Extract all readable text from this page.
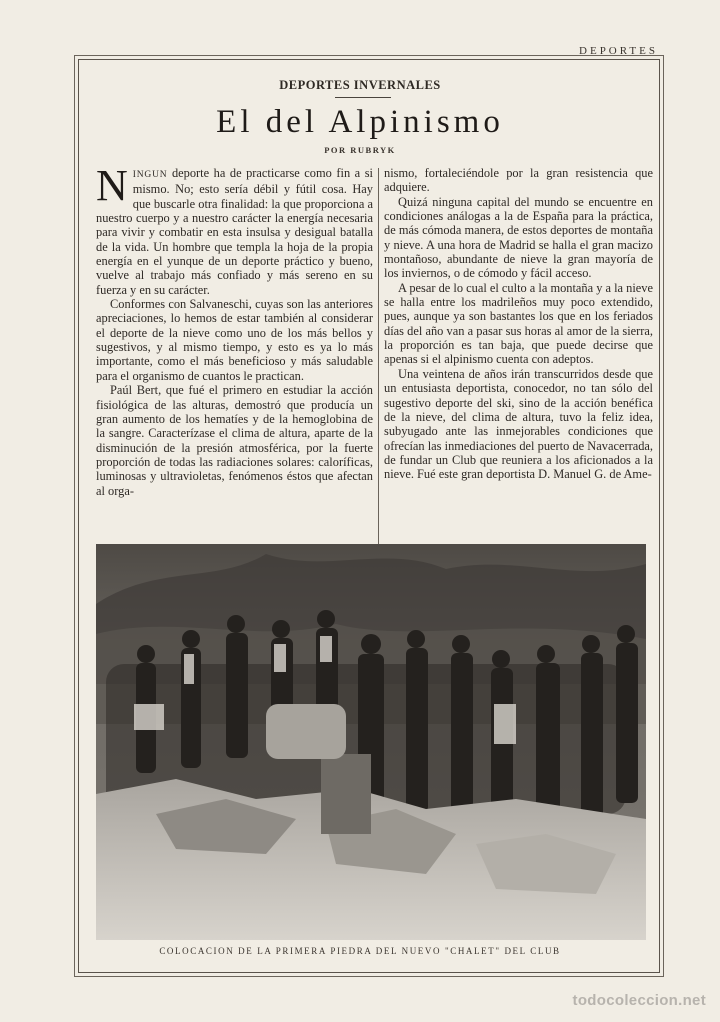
DEPORTES
DEPORTES INVERNALES
El del Alpinismo
POR RUBRYK

NINGUN deporte ha de practicarse como fin a si mismo. No; esto sería débil y fútil cosa. Hay que buscarle otra finalidad: la que proporciona a nuestro cuerpo y a nuestro carácter la energía necesaria para vivir y combatir en esta insulsa y desigual batalla de la vida. Un hombre que templa la hoja de la propia energía en el yunque de un deporte práctico y bueno, vuelve al trabajo más confiado y más sereno en su fuerza y en su carácter.

Conformes con Salvaneschi, cuyas son las anteriores apreciaciones, lo hemos de estar también al considerar el deporte de la nieve como uno de los más bellos y sugestivos, y al mismo tiempo, y esto es ya lo más importante, como el más beneficioso y más saludable para el organismo de cuantos le practican.

Paúl Bert, que fué el primero en estudiar la acción fisiológica de las alturas, demostró que producía un gran aumento de los hematíes y de la hemoglobina de la sangre. Caracterízase el clima de altura, aparte de la disminución de la presión atmosférica, por la fuerte proporción de todas las radiaciones solares: caloríficas, luminosas y ultravioletas, fenómenos éstos que afectan al orga-

nismo, fortaleciéndole por la gran resistencia que adquiere.

Quizá ninguna capital del mundo se encuentre en condiciones análogas a la de España para la práctica, de más cómoda manera, de estos deportes de montaña y nieve. A una hora de Madrid se halla el gran macizo montañoso, abundante de nieve la gran mayoría de los inviernos, o de cómodo y fácil acceso.

A pesar de lo cual el culto a la montaña y a la nieve se halla entre los madrileños muy poco extendido, pues, aunque ya son bastantes los que en los feriados días del año van a pasar sus horas al amor de la sierra, la proporción es tan baja, que puede decirse que apenas si el alpinismo cuenta con adeptos.

Una veintena de años irán transcurridos desde que un entusiasta deportista, conocedor, no tan sólo del sugestivo deporte del ski, sino de la acción benéfica de la nieve, del clima de altura, tuvo la feliz idea, subyugado ante las inmejorables condiciones que ofrecían las inmediaciones del puerto de Navacerrada, de fundar un Club que reuniera a los aficionados a la nieve. Fué este gran deportista D. Manuel G. de Ame-

COLOCACION DE LA PRIMERA PIEDRA DEL NUEVO "CHALET" DEL CLUB
todocoleccion.net
